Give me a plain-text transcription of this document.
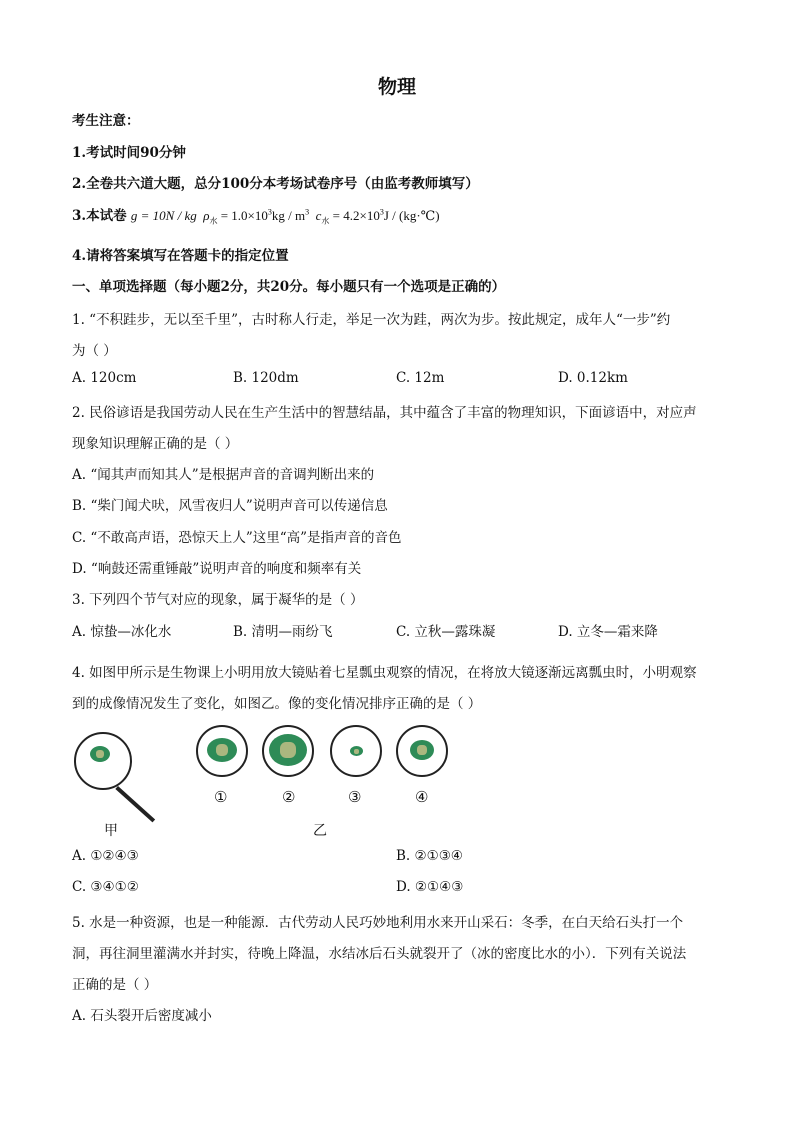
物理
考生注意：
1.考试时间90分钟
2.全卷共六道大题，总分100分本考场试卷序号（由监考教师填写）
3.本试卷 g = 10N / kg $\rho_水 = 1.0\times 10^3kg / m^3$ $c_水 = 4.2\times 10^3J$ / (kg·℃)
4.请将答案填写在答题卡的指定位置
一、单项选择题（每小题2分，共20分。每小题只有一个选项是正确的）
1. “不积跬步，无以至千里”，古时称人行走，举足一次为跬，两次为步。按此规定，成年人“一步”约
为（ ）
A. 120cm	B. 120dm	C. 12m	D. 0.12km
2. 民俗谚语是我国劳动人民在生产生活中的智慧结晶，其中蕴含了丰富的物理知识，下面谚语中，对应声
现象知识理解正确的是（ ）
A. “闻其声而知其人”是根据声音的音调判断出来的
B. “柴门闻犬吠，风雪夜归人”说明声音可以传递信息
C. “不敢高声语，恐惊天上人”这里“高”是指声音的音色
D. “响鼓还需重锤敲”说明声音的响度和频率有关
3. 下列四个节气对应的现象，属于凝华的是（ ）
A. 惊蛰—冰化水	B. 清明—雨纷飞	C. 立秋—露珠凝	D. 立冬—霜来降
4. 如图甲所示是生物课上小明用放大镜贴着七星瓢虫观察的情况，在将放大镜逐渐远离瓢虫时，小明观察
到的成像情况发生了变化，如图乙。像的变化情况排序正确的是（ ）
甲
①	②	③	④
乙
A. ①②④③	B. ②①③④
C. ③④①②	D. ②①④③
5. 水是一种资源，也是一种能源．古代劳动人民巧妙地利用水来开山采石：冬季，在白天给石头打一个
洞，再往洞里灌满水并封实，待晚上降温，水结冰后石头就裂开了（冰的密度比水的小）．下列有关说法
正确的是（ ）
A. 石头裂开后密度减小
